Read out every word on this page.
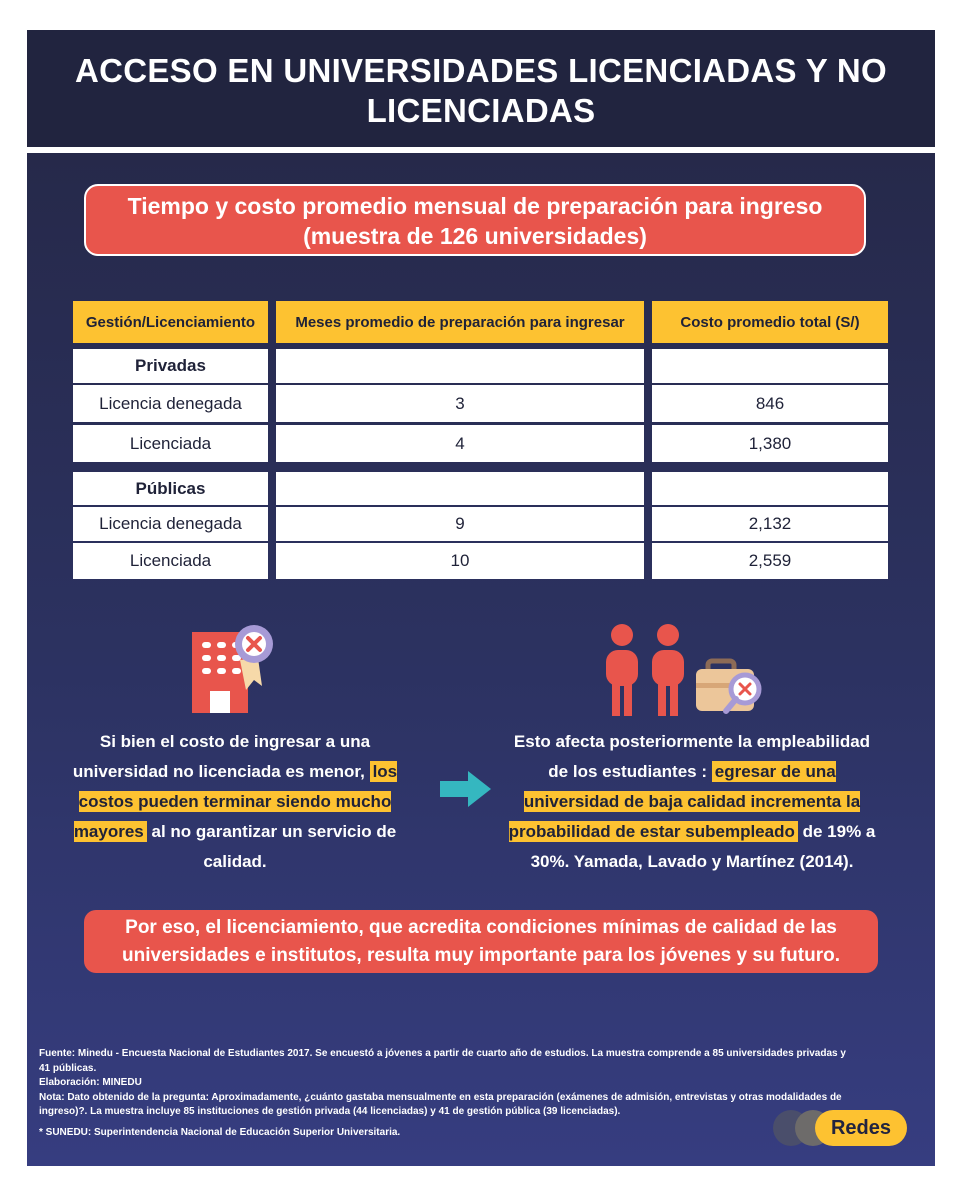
ACCESO EN UNIVERSIDADES LICENCIADAS Y NO LICENCIADAS
Tiempo y costo promedio mensual de preparación para ingreso (muestra de 126 universidades)
Gestión/Licenciamiento	Meses promedio de preparación para ingresar	Costo promedio total (S/)
Privadas
Licencia denegada	3	846
Licenciada	4	1,380
Públicas
Licencia denegada	9	2,132
Licenciada	10	2,559
Si bien el costo de ingresar a una universidad no licenciada es menor, los costos pueden terminar siendo mucho mayores al no garantizar un servicio de calidad.
Esto afecta posteriormente la empleabilidad de los estudiantes : egresar de una universidad de baja calidad incrementa la probabilidad de estar subempleado de 19% a 30%. Yamada, Lavado y Martínez (2014).
Por eso, el licenciamiento, que acredita condiciones mínimas de calidad de las universidades e institutos, resulta muy importante para los jóvenes y su futuro.
Fuente: Minedu - Encuesta Nacional de Estudiantes 2017. Se encuestó a jóvenes a partir de cuarto año de estudios. La muestra comprende a 85 universidades privadas y 41 públicas.
Elaboración: MINEDU
Nota: Dato obtenido de la pregunta: Aproximadamente, ¿cuánto gastaba mensualmente en esta preparación (exámenes de admisión, entrevistas y otras modalidades de ingreso)?. La muestra incluye 85 instituciones de gestión privada (44 licenciadas) y 41 de gestión pública (39 licenciadas).
* SUNEDU: Superintendencia Nacional de Educación Superior Universitaria.	Redes
